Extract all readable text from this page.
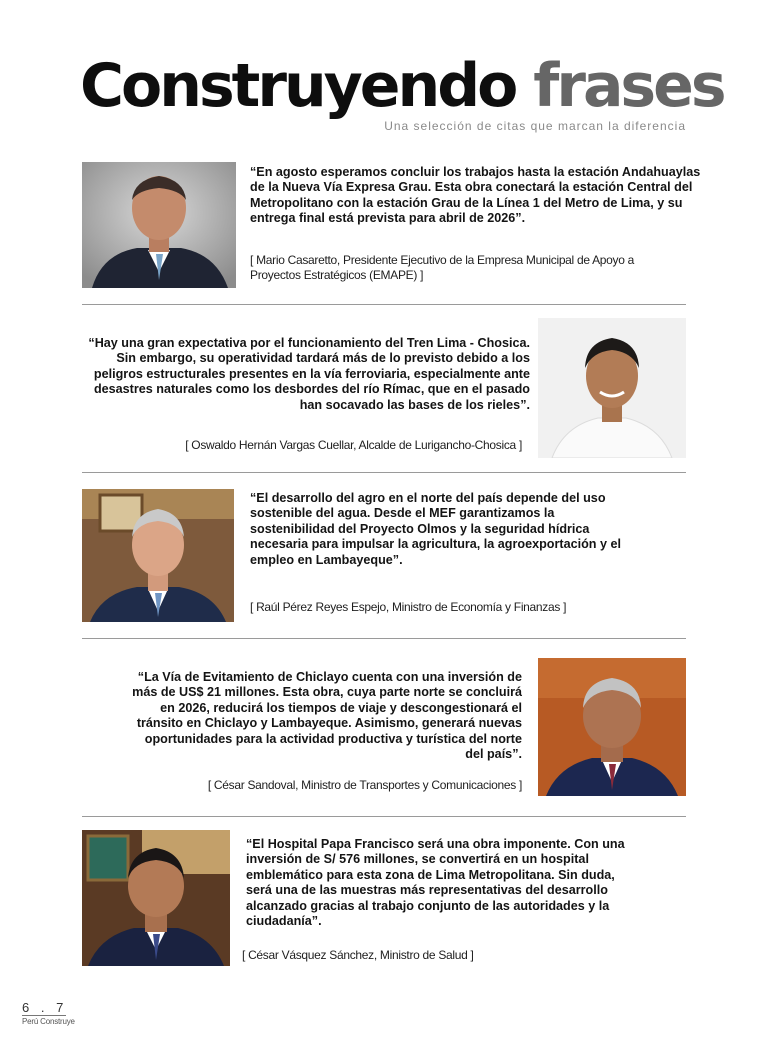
Construyendo frases
Una selección de citas que marcan la diferencia

“En agosto esperamos concluir los trabajos hasta la estación Andahuaylas de la Nueva Vía Expresa Grau. Esta obra conectará la estación Central del Metropolitano con la estación Grau de la Línea 1 del Metro de Lima, y su entrega final está prevista para abril de 2026”.

[ Mario Casaretto, Presidente Ejecutivo de la Empresa Municipal de Apoyo a Proyectos Estratégicos (EMAPE) ]

“Hay una gran expectativa por el funcionamiento del Tren Lima - Chosica. Sin embargo, su operatividad tardará más de lo previsto debido a los peligros estructurales presentes en la vía ferroviaria, especialmente ante desastres naturales como los desbordes del río Rímac, que en el pasado han socavado las bases de los rieles”.

[ Oswaldo Hernán Vargas Cuellar, Alcalde de Lurigancho-Chosica ]

“El desarrollo del agro en el norte del país depende del uso sostenible del agua. Desde el MEF garantizamos la sostenibilidad del Proyecto Olmos y la seguridad hídrica necesaria para impulsar la agricultura, la agroexportación y el empleo en Lambayeque”.

[ Raúl Pérez Reyes Espejo, Ministro de Economía y Finanzas ]

“La Vía de Evitamiento de Chiclayo cuenta con una inversión de más de US$ 21 millones. Esta obra, cuya parte norte se concluirá en 2026, reducirá los tiempos de viaje y descongestionará el tránsito en Chiclayo y Lambayeque. Asimismo, generará nuevas oportunidades para la actividad productiva y turística del norte del país”.

[ César Sandoval, Ministro de Transportes y Comunicaciones ]

“El Hospital Papa Francisco será una obra imponente. Con una inversión de S/ 576 millones, se convertirá en un hospital emblemático para esta zona de Lima Metropolitana. Sin duda, será una de las muestras más representativas del desarrollo alcanzado gracias al trabajo conjunto de las autoridades y la ciudadanía”.

[ César Vásquez Sánchez, Ministro de Salud ]

6 . 7
Perú Construye
